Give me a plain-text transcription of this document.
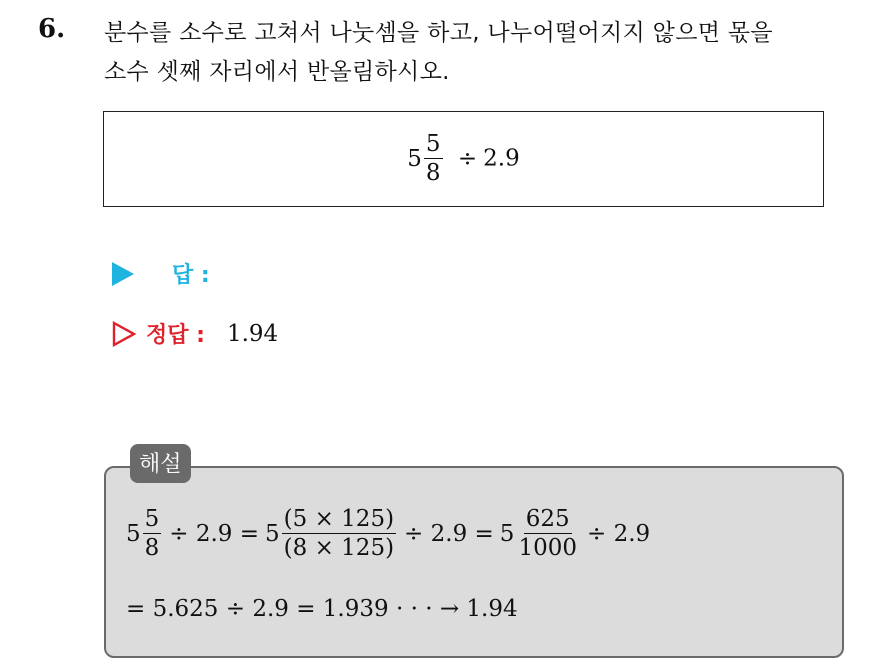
6. 분수를 소수로 고쳐서 나눗셈을 하고, 나누어떨어지지 않으면 몫을
소수 셋째 자리에서 반올림하시오.
$5 \frac{5}{8} \div 2.9$
답 :
정답 : 1.94
해설
$5 \frac{5}{8} \div 2.9 = 5 \frac{(5 \times 125)}{(8 \times 125)} \div 2.9 = 5 \frac{625}{1000} \div 2.9$
= 5.625 ÷ 2.9 = 1.939 · · · → 1.94
